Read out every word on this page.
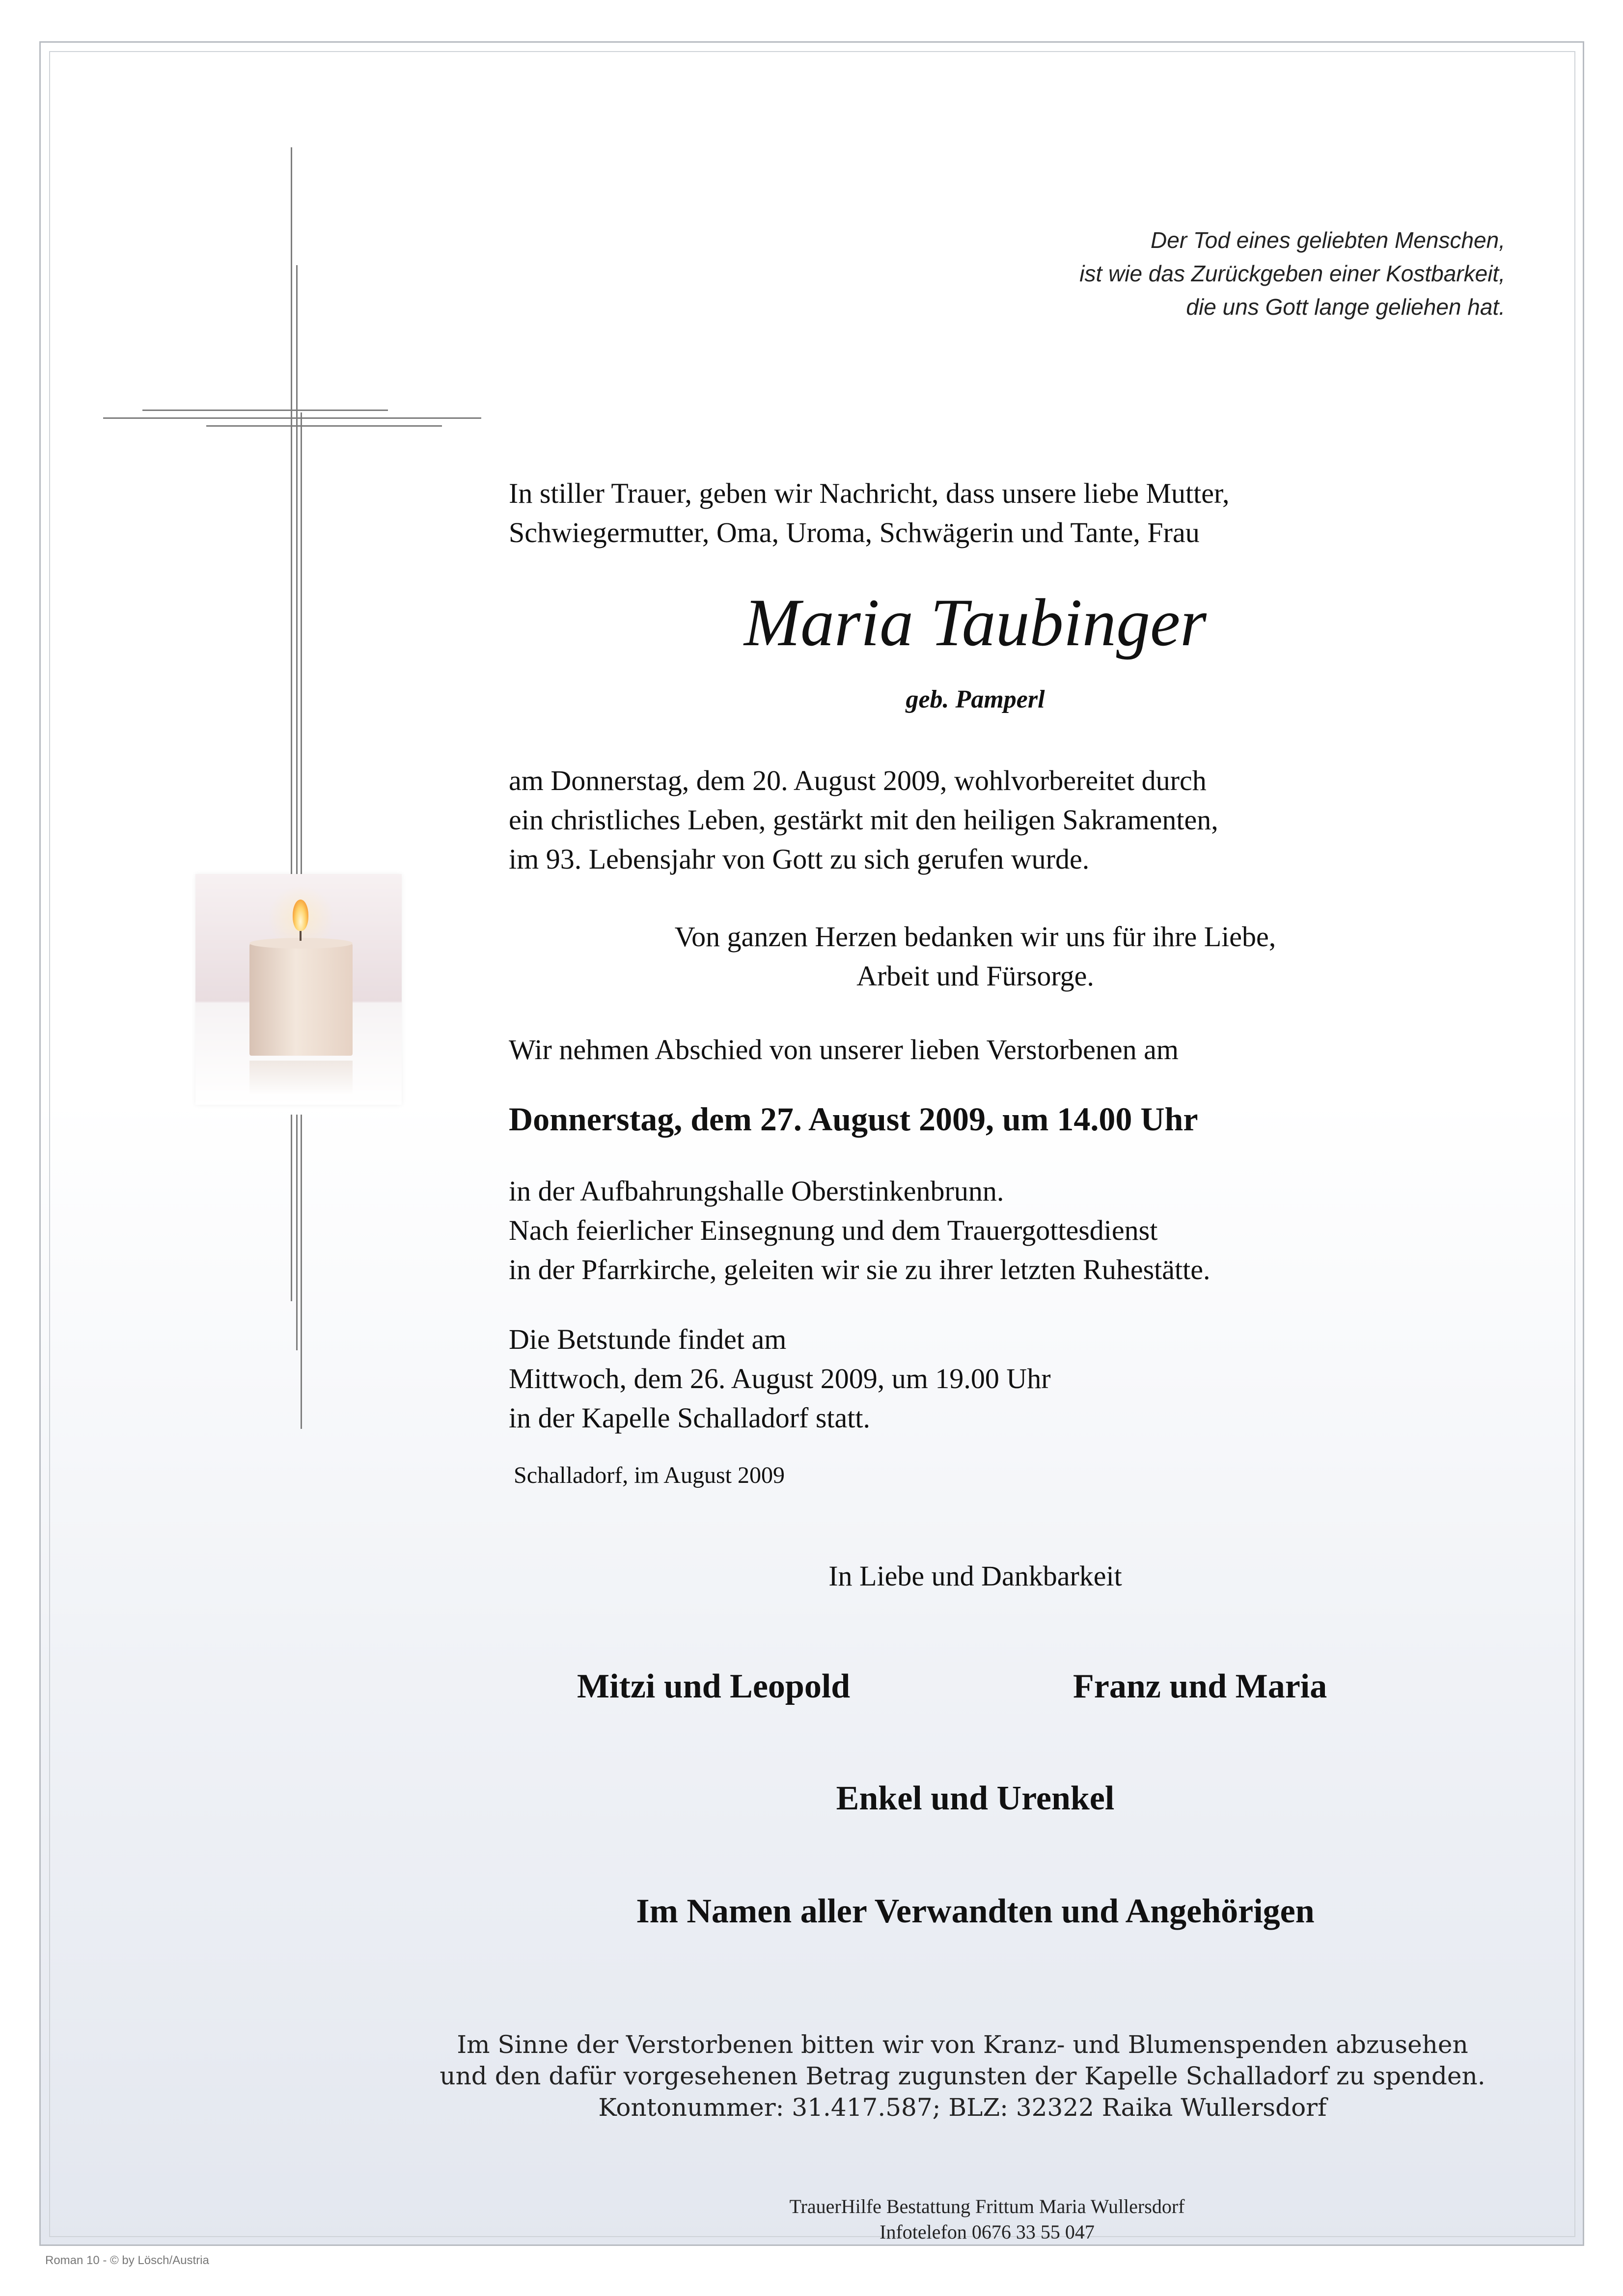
Der Tod eines geliebten Menschen,
ist wie das Zurückgeben einer Kostbarkeit,
die uns Gott lange geliehen hat.
In stiller Trauer, geben wir Nachricht, dass unsere liebe Mutter,
Schwiegermutter, Oma, Uroma, Schwägerin und Tante, Frau
Maria Taubinger
geb. Pamperl
am Donnerstag, dem 20. August 2009, wohlvorbereitet durch
ein christliches Leben, gestärkt mit den heiligen Sakramenten,
im 93. Lebensjahr von Gott zu sich gerufen wurde.
Von ganzen Herzen bedanken wir uns für ihre Liebe,
Arbeit und Fürsorge.
Wir nehmen Abschied von unserer lieben Verstorbenen am
Donnerstag, dem 27. August 2009, um 14.00 Uhr
in der Aufbahrungshalle Oberstinkenbrunn.
Nach feierlicher Einsegnung und dem Trauergottesdienst
in der Pfarrkirche, geleiten wir sie zu ihrer letzten Ruhestätte.
Die Betstunde findet am
Mittwoch, dem 26. August 2009, um 19.00 Uhr
in der Kapelle Schalladorf statt.
Schalladorf, im August 2009
In Liebe und Dankbarkeit
Mitzi und Leopold	Franz und Maria
Enkel und Urenkel
Im Namen aller Verwandten und Angehörigen
Im Sinne der Verstorbenen bitten wir von Kranz- und Blumenspenden abzusehen
und den dafür vorgesehenen Betrag zugunsten der Kapelle Schalladorf zu spenden.
Kontonummer: 31.417.587; BLZ: 32322 Raika Wullersdorf
TrauerHilfe Bestattung Frittum Maria Wullersdorf
Infotelefon 0676 33 55 047
Roman 10 - © by Lösch/Austria
